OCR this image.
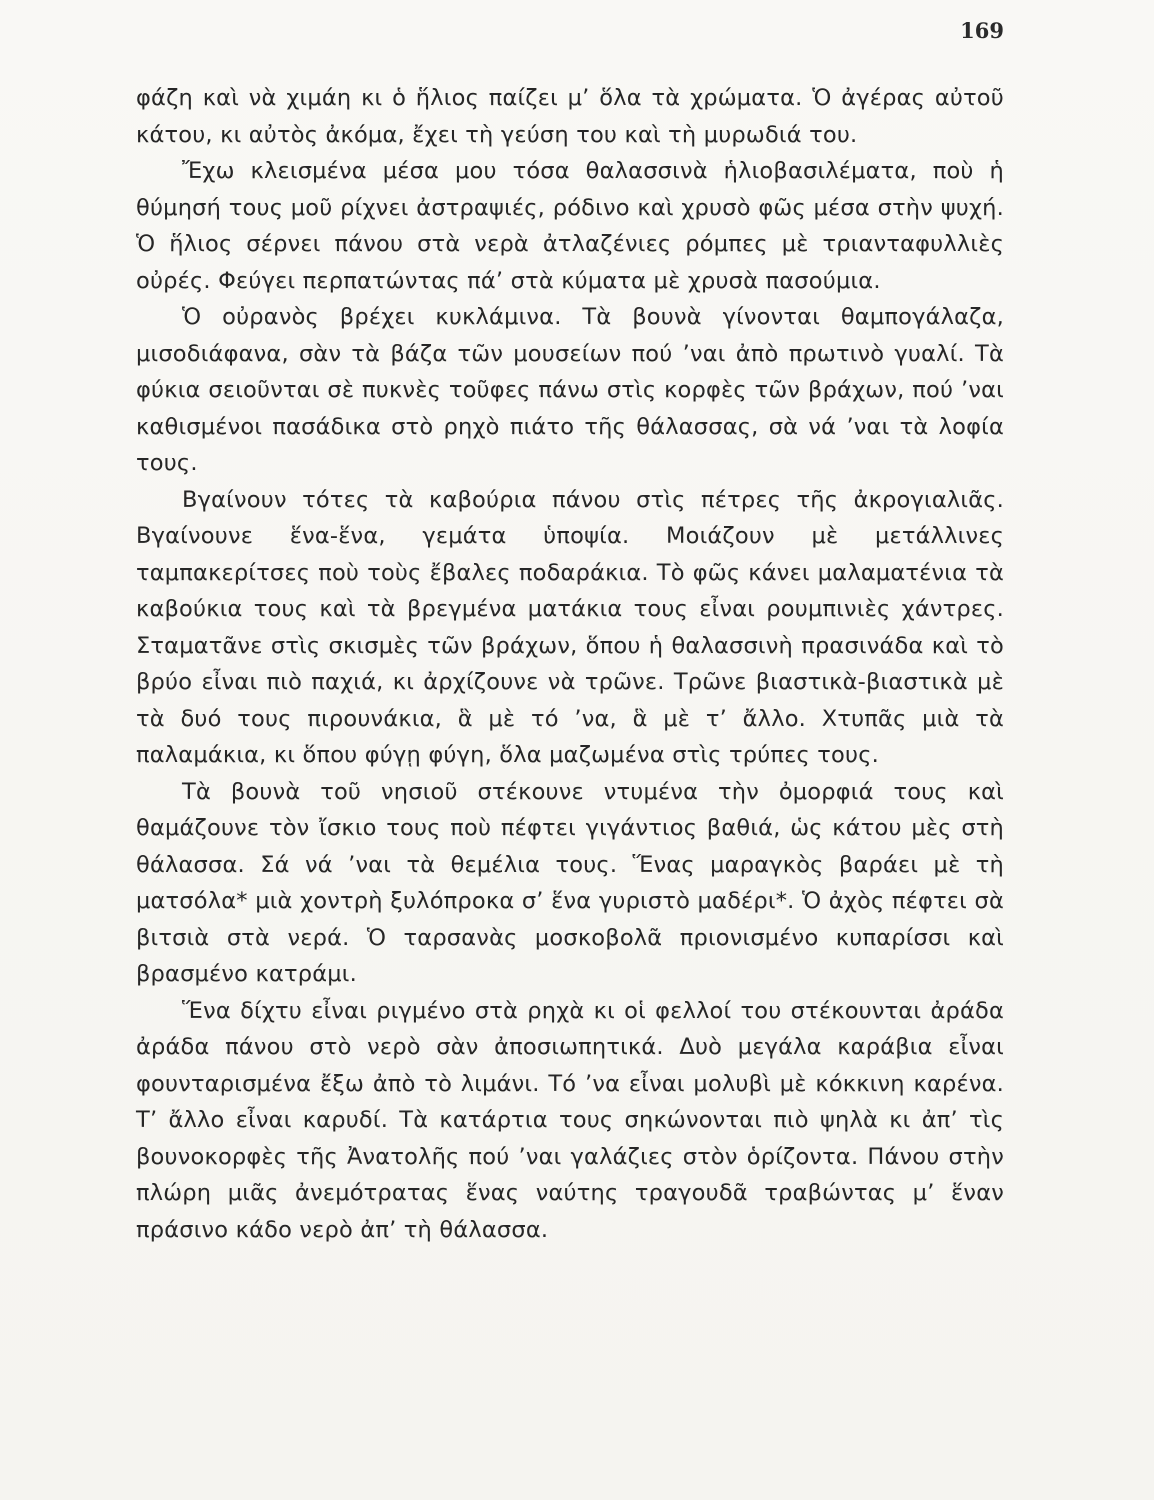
169

φάζη καὶ νὰ χιμάη κι ὁ ἥλιος παίζει μ’ ὅλα τὰ χρώματα. Ὁ ἀγέρας αὐτοῦ κάτου, κι αὐτὸς ἀκόμα, ἔχει τὴ γεύση του καὶ τὴ μυρωδιά του.

Ἔχω κλεισμένα μέσα μου τόσα θαλασσινὰ ἡλιοβασιλέματα, ποὺ ἡ θύμησή τους μοῦ ρίχνει ἀστραψιές, ρόδινο καὶ χρυσὸ φῶς μέσα στὴν ψυχή. Ὁ ἥλιος σέρνει πάνου στὰ νερὰ ἀτλαζένιες ρόμπες μὲ τριανταφυλλιὲς οὐρές. Φεύγει περπατώντας πά’ στὰ κύματα μὲ χρυσὰ πασούμια.

Ὁ οὐρανὸς βρέχει κυκλάμινα. Τὰ βουνὰ γίνονται θαμπογάλαζα, μισοδιάφανα, σὰν τὰ βάζα τῶν μουσείων πού ’ναι ἀπὸ πρωτινὸ γυαλί. Τὰ φύκια σειοῦνται σὲ πυκνὲς τοῦφες πάνω στὶς κορφὲς τῶν βράχων, πού ’ναι καθισμένοι πασάδικα στὸ ρηχὸ πιάτο τῆς θάλασσας, σὰ νά ’ναι τὰ λοφία τους.

Βγαίνουν τότες τὰ καβούρια πάνου στὶς πέτρες τῆς ἀκρογιαλιᾶς. Βγαίνουνε ἕνα-ἕνα, γεμάτα ὑποψία. Μοιάζουν μὲ μετάλλινες ταμπακερίτσες ποὺ τοὺς ἔβαλες ποδαράκια. Τὸ φῶς κάνει μαλαματένια τὰ καβούκια τους καὶ τὰ βρεγμένα ματάκια τους εἶναι ρουμπινιὲς χάντρες. Σταματᾶνε στὶς σκισμὲς τῶν βράχων, ὅπου ἡ θαλασσινὴ πρασινάδα καὶ τὸ βρύο εἶναι πιὸ παχιά, κι ἀρχίζουνε νὰ τρῶνε. Τρῶνε βιαστικὰ-βιαστικὰ μὲ τὰ δυό τους πιρουνάκια, ἃ μὲ τό ’να, ἃ μὲ τ’ ἄλλο. Χτυπᾶς μιὰ τὰ παλαμάκια, κι ὅπου φύγῃ φύγη, ὅλα μαζωμένα στὶς τρύπες τους.

Τὰ βουνὰ τοῦ νησιοῦ στέκουνε ντυμένα τὴν ὀμορφιά τους καὶ θαμάζουνε τὸν ἴσκιο τους ποὺ πέφτει γιγάντιος βαθιά, ὡς κάτου μὲς στὴ θάλασσα. Σά νά ’ναι τὰ θεμέλια τους. Ἕνας μαραγκὸς βαράει μὲ τὴ ματσόλα* μιὰ χοντρὴ ξυλόπροκα σ’ ἕνα γυριστὸ μαδέρι*. Ὁ ἀχὸς πέφτει σὰ βιτσιὰ στὰ νερά. Ὁ ταρσανὰς μοσκοβολᾶ πριονισμένο κυπαρίσσι καὶ βρασμένο κατράμι.

Ἕνα δίχτυ εἶναι ριγμένο στὰ ρηχὰ κι οἱ φελλοί του στέκουνται ἀράδα ἀράδα πάνου στὸ νερὸ σὰν ἀποσιωπητικά. Δυὸ μεγάλα καράβια εἶναι φουνταρισμένα ἔξω ἀπὸ τὸ λιμάνι. Τό ’να εἶναι μολυβὶ μὲ κόκκινη καρένα. Τ’ ἄλλο εἶναι καρυδί. Τὰ κατάρτια τους σηκώνονται πιὸ ψηλὰ κι ἀπ’ τὶς βουνοκορφὲς τῆς Ἀνατολῆς πού ’ναι γαλάζιες στὸν ὁρίζοντα. Πάνου στὴν πλώρη μιᾶς ἀνεμότρατας ἕνας ναύτης τραγουδᾶ τραβώντας μ’ ἕναν πράσινο κάδο νερὸ ἀπ’ τὴ θάλασσα.
